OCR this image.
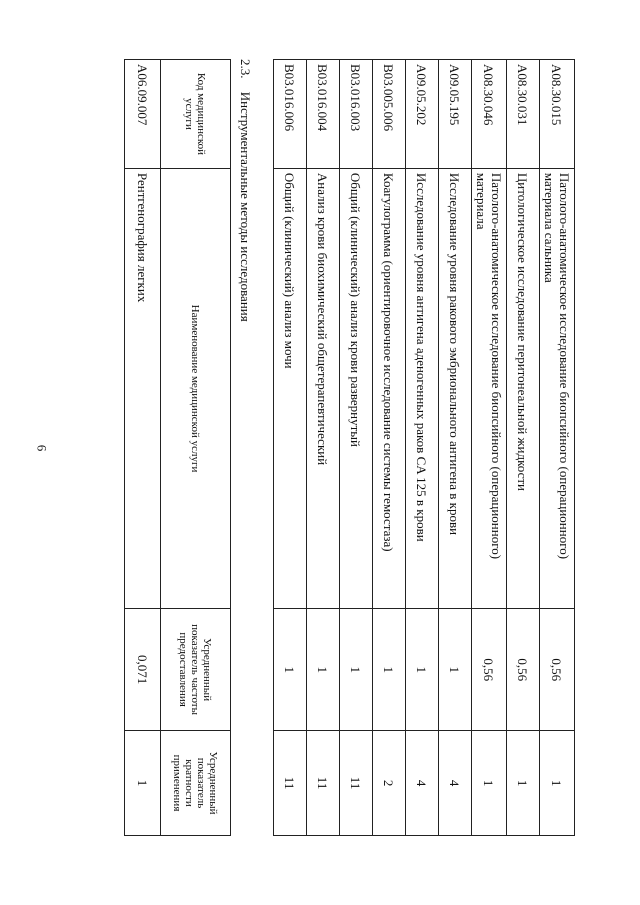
6
A08.30.015	Патолого-анатомическое исследование биопсийного (операционного) материала сальника	0,56	1
A08.30.031	Цитологическое исследование перитонеальной жидкости	0,56	1
A08.30.046	Патолого-анатомическое исследование биопсийного (операционного) материала	0,56	1
A09.05.195	Исследование уровня ракового эмбрионального антигена в крови	1	4
A09.05.202	Исследование уровня антигена аденогенных раков CA 125 в крови	1	4
B03.005.006	Коагулограмма (ориентировочное исследование системы гемостаза)	1	2
B03.016.003	Общий (клинический) анализ крови развернутый	1	11
B03.016.004	Анализ крови биохимический общетерапевтический	1	11
B03.016.006	Общий (клинический) анализ мочи	1	11
2.3. Инструментальные методы исследования
Код медицинской услуги	Наименование медицинской услуги	Усредненный показатель частоты предоставления	Усредненный показатель кратности применения
A06.09.007	Рентгенография легких	0,071	1
